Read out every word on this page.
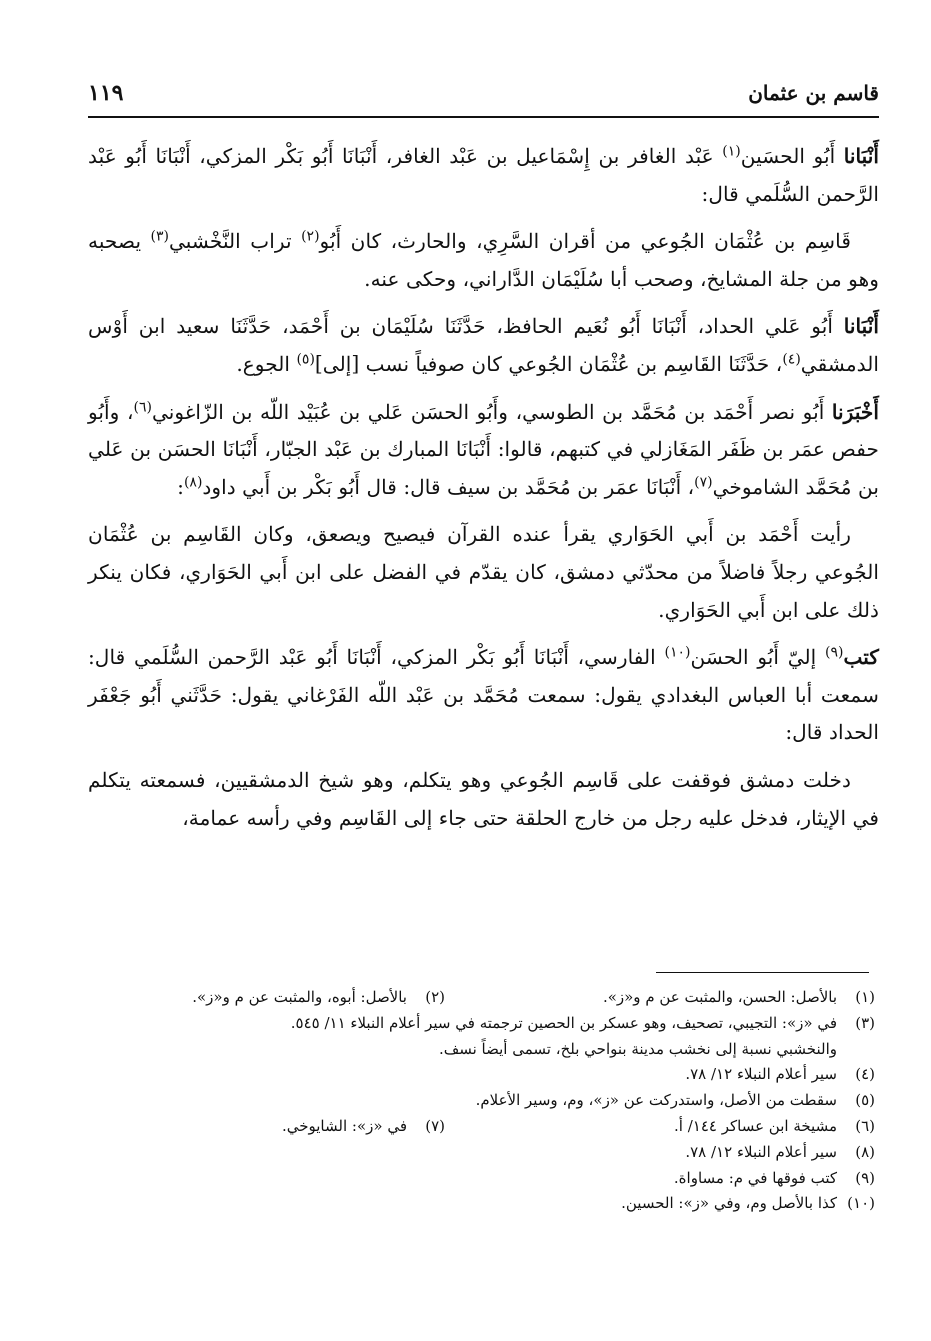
قاسم بن عثمان
١١٩

أَنْبَانا أَبُو الحسَين$^{(١)}$ عَبْد الغافر بن إِسْمَاعيل بن عَبْد الغافر، أَنْبَانَا أَبُو بَكْر المزكي، أَنْبَانَا أَبُو عَبْد الرَّحمن السُّلَمي قال:

قَاسِم بن عُثْمَان الجُوعي من أقران السَّرِي، والحارث، كان أَبُو$^{(٢)}$ تراب النَّخْشبي$^{(٣)}$ يصحبه وهو من جلة المشايخ، وصحب أبا سُلَيْمَان الدَّاراني، وحكى عنه.

أَنْبَانا أَبُو عَلي الحداد، أَنْبَانَا أَبُو نُعَيم الحافظ، حَدَّثَنَا سُلَيْمَان بن أَحْمَد، حَدَّثَنَا سعيد ابن أَوْس الدمشقي$^{(٤)}$، حَدَّثَنَا القَاسِم بن عُثْمَان الجُوعي كان صوفياً نسب [إلى]$^{(٥)}$ الجوع.

أَخْبَرَنا أَبُو نصر أَحْمَد بن مُحَمَّد بن الطوسي، وأَبُو الحسَن عَلي بن عُبَيْد اللّه بن الزّاغوني$^{(٦)}$، وأَبُو حفص عمَر بن ظَفَر المَغَازلي في كتبهم، قالوا: أَنْبَانَا المبارك بن عَبْد الجبّار، أَنْبَانَا الحسَن بن عَلي بن مُحَمَّد الشاموخي$^{(٧)}$، أَنْبَانَا عمَر بن مُحَمَّد بن سيف قال: قال أَبُو بَكْر بن أَبي داود$^{(٨)}$:

رأيت أَحْمَد بن أَبي الحَوَاري يقرأ عنده القرآن فيصيح ويصعق، وكان القَاسِم بن عُثْمَان الجُوعي رجلاً فاضلاً من محدّثي دمشق، كان يقدّم في الفضل على ابن أَبي الحَوَاري، فكان ينكر ذلك على ابن أَبي الحَوَاري.

كتب$^{(٩)}$ إليّ أَبُو الحسَن$^{(١٠)}$ الفارسي، أَنْبَانَا أَبُو بَكْر المزكي، أَنْبَانَا أَبُو عَبْد الرَّحمن السُّلَمي قال: سمعت أبا العباس البغدادي يقول: سمعت مُحَمَّد بن عَبْد اللّه الفَرْغاني يقول: حَدَّثَني أَبُو جَعْفَر الحداد قال:

دخلت دمشق فوقفت على قَاسِم الجُوعي وهو يتكلم، وهو شيخ الدمشقيين، فسمعته يتكلم في الإيثار، فدخل عليه رجل من خارج الحلقة حتى جاء إلى القَاسِم وفي رأسه عمامة،

(١)
بالأصل: الحسن، والمثبت عن م و«ز».
(٢)
بالأصل: أبوه، والمثبت عن م و«ز».
(٣)
في «ز»: التجيبي، تصحيف، وهو عسكر بن الحصين ترجمته في سير أعلام النبلاء ١١/ ٥٤٥.
والنخشبي نسبة إلى نخشب مدينة بنواحي بلخ، تسمى أيضاً نسف.
(٤)
سير أعلام النبلاء ١٢/ ٧٨.
(٥)
سقطت من الأصل، واستدركت عن «ز»، وم، وسير الأعلام.
(٦)
مشيخة ابن عساكر ١٤٤/ أ.
(٧)
في «ز»: الشايوخي.
(٨)
سير أعلام النبلاء ١٢/ ٧٨.
(٩)
كتب فوقها في م: مساواة.
(١٠)
كذا بالأصل وم، وفي «ز»: الحسين.
